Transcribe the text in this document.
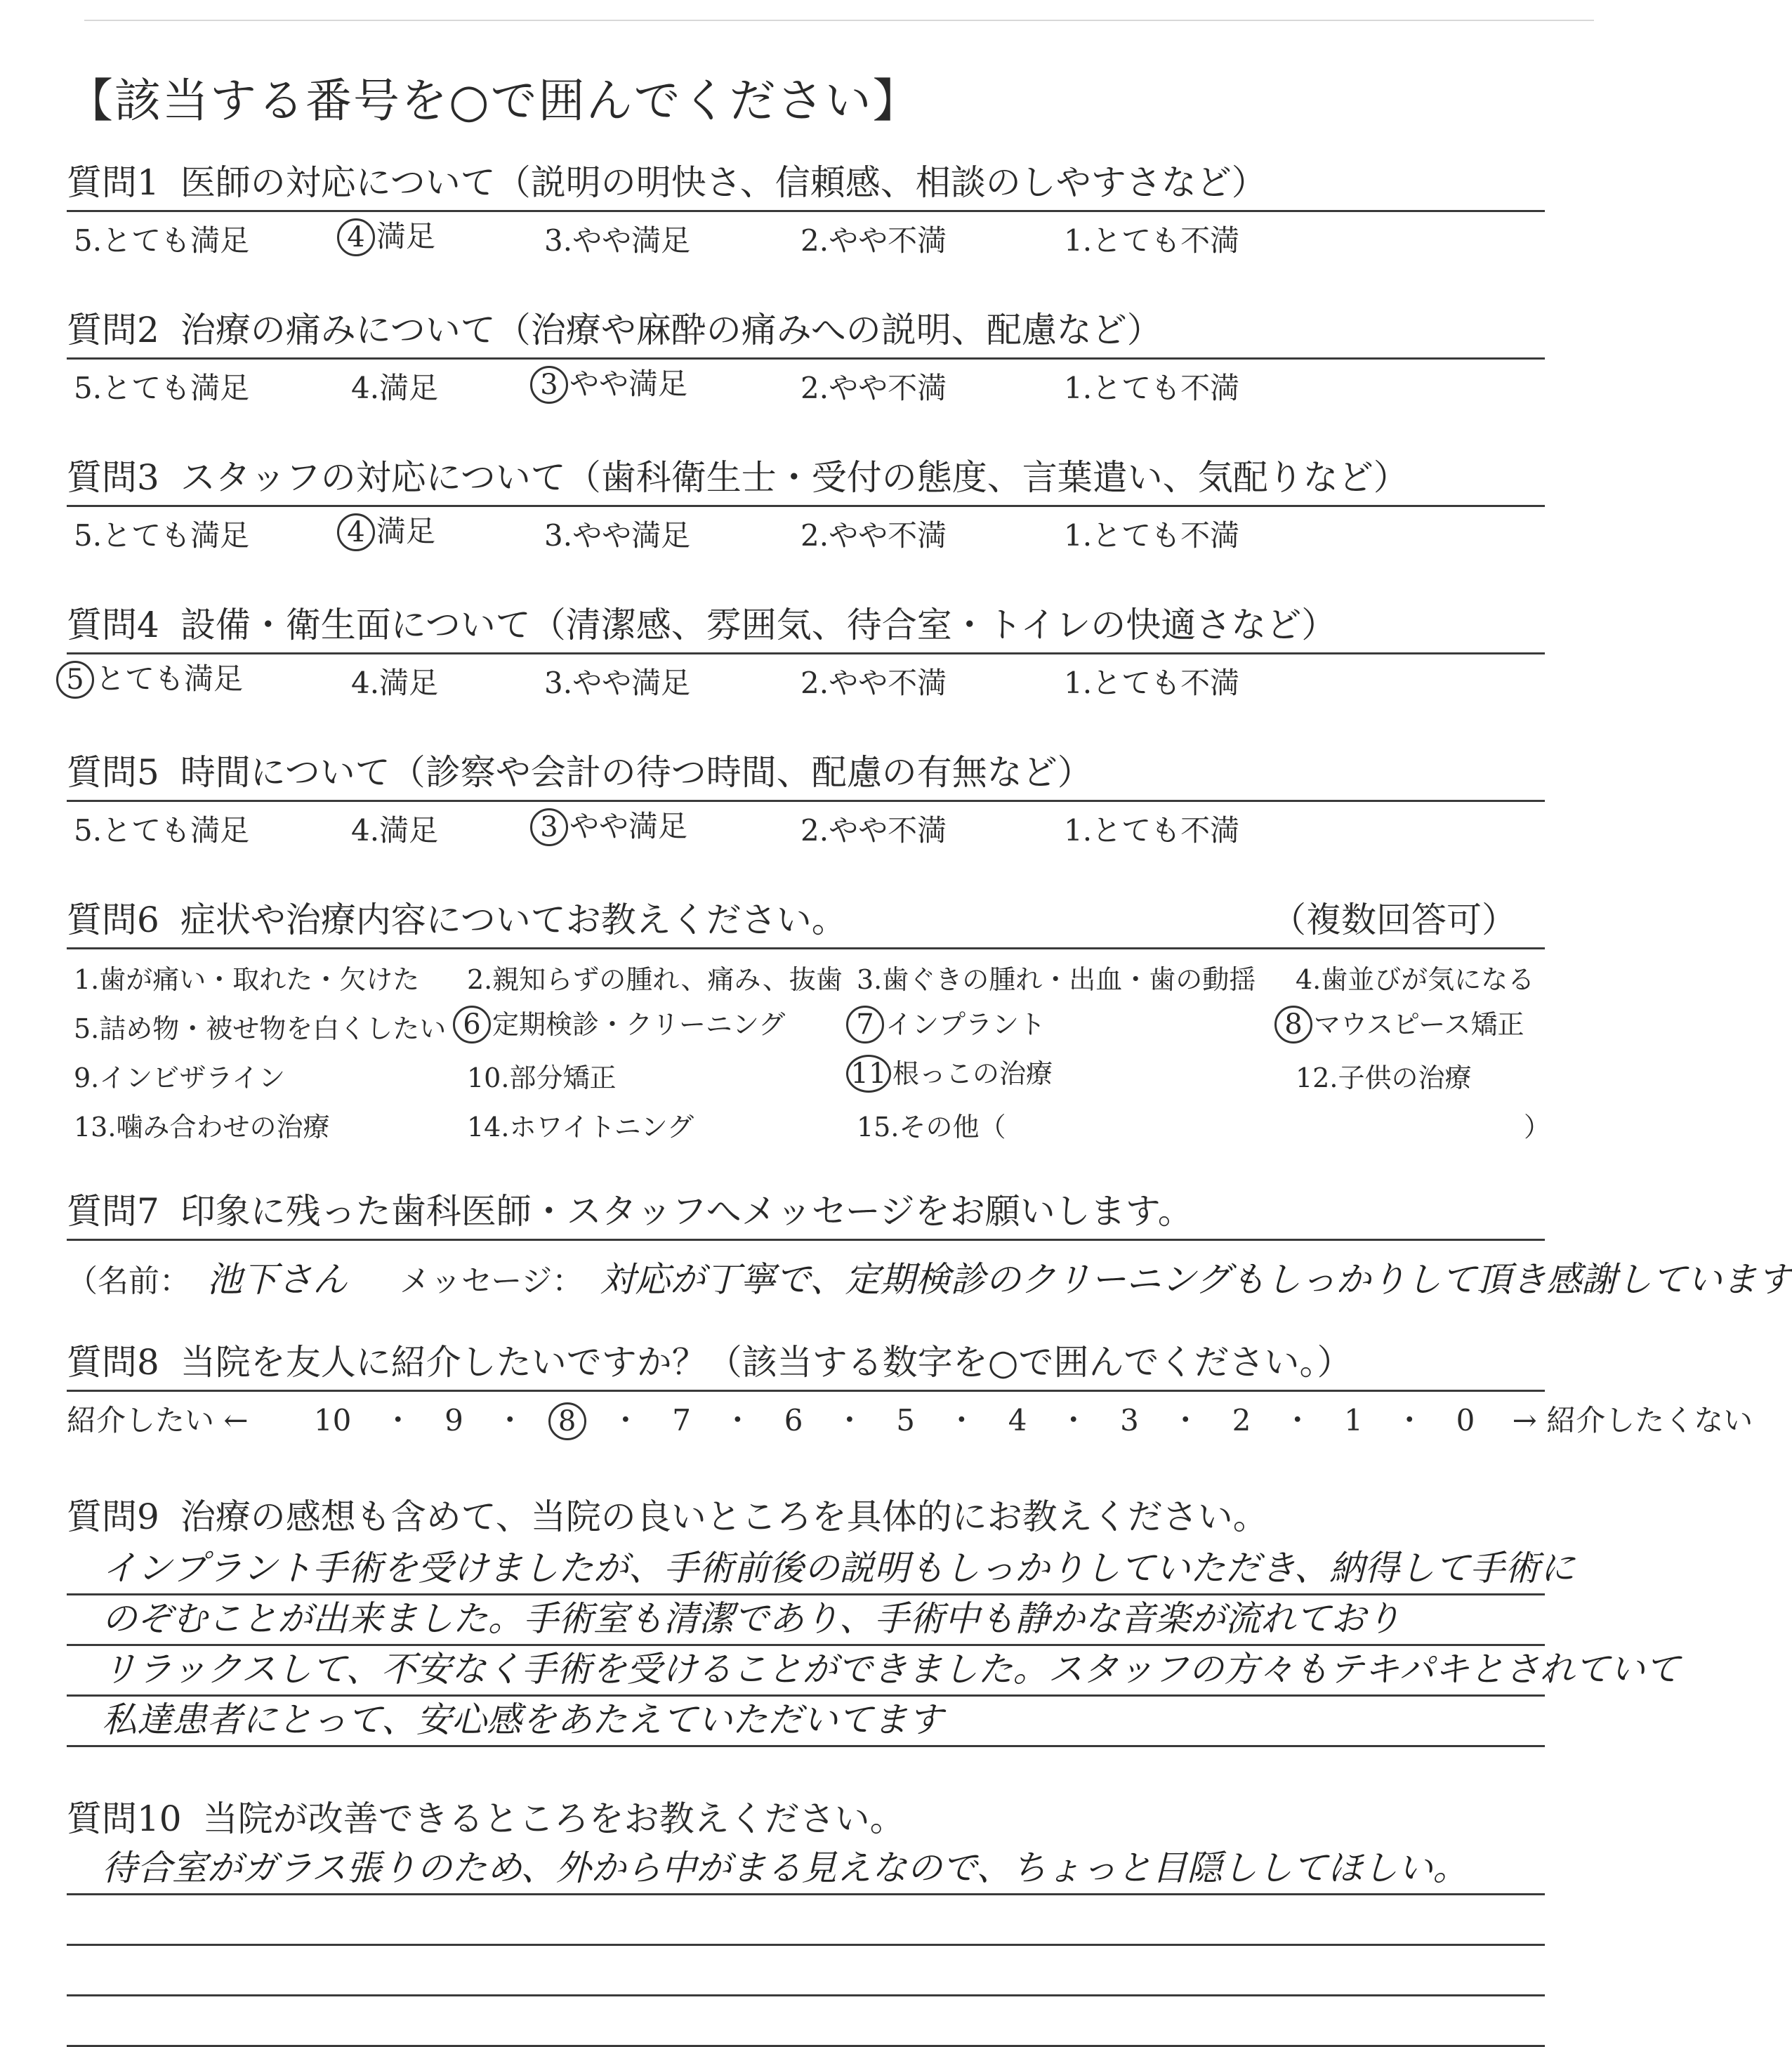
【該当する番号を○で囲んでください】
質問1 医師の対応について（説明の明快さ、信頼感、相談のしやすさなど）
5.とても満足	4 満足	3.やや満足	2.やや不満	1.とても不満
質問2 治療の痛みについて（治療や麻酔の痛みへの説明、配慮など）
5.とても満足	4.満足	3 やや満足	2.やや不満	1.とても不満
質問3 スタッフの対応について（歯科衛生士・受付の態度、言葉遣い、気配りなど）
5.とても満足	4 満足	3.やや満足	2.やや不満	1.とても不満
質問4 設備・衛生面について（清潔感、雰囲気、待合室・トイレの快適さなど）
5 とても満足	4.満足	3.やや満足	2.やや不満	1.とても不満
質問5 時間について（診察や会計の待つ時間、配慮の有無など）
5.とても満足	4.満足	3 やや満足	2.やや不満	1.とても不満
質問6 症状や治療内容についてお教えください。	（複数回答可）
1.歯が痛い・取れた・欠けた 2.親知らずの腫れ、痛み、抜歯 3.歯ぐきの腫れ・出血・歯の動揺 4.歯並びが気になる
5.詰め物・被せ物を白くしたい 6 定期検診・クリーニング	7 インプラント	8 マウスピース矯正
9.インビザライン	10.部分矯正	11 根っこの治療	12.子供の治療
13.噛み合わせの治療	14.ホワイトニング	15.その他（	）
質問7 印象に残った歯科医師・スタッフへメッセージをお願いします。
（名前： 池下さん メッセージ： 対応が丁寧で、定期検診のクリーニングもしっかりして頂き感謝しています
質問8 当院を友人に紹介したいですか？（該当する数字を○で囲んでください。）
紹介したい ← 10 ・ 9 ・ 8 ・ 7 ・ 6 ・ 5 ・ 4 ・ 3 ・ 2 ・ 1 ・ 0 → 紹介したくない
質問9 治療の感想も含めて、当院の良いところを具体的にお教えください。
インプラント手術を受けましたが、手術前後の説明もしっかりしていただき、納得して手術に
のぞむことが出来ました。手術室も清潔であり、手術中も静かな音楽が流れており
リラックスして、不安なく手術を受けることができました。スタッフの方々もテキパキとされていて
私達患者にとって、安心感をあたえていただいてます
質問10 当院が改善できるところをお教えください。
待合室がガラス張りのため、外から中がまる見えなので、ちょっと目隠ししてほしい。
